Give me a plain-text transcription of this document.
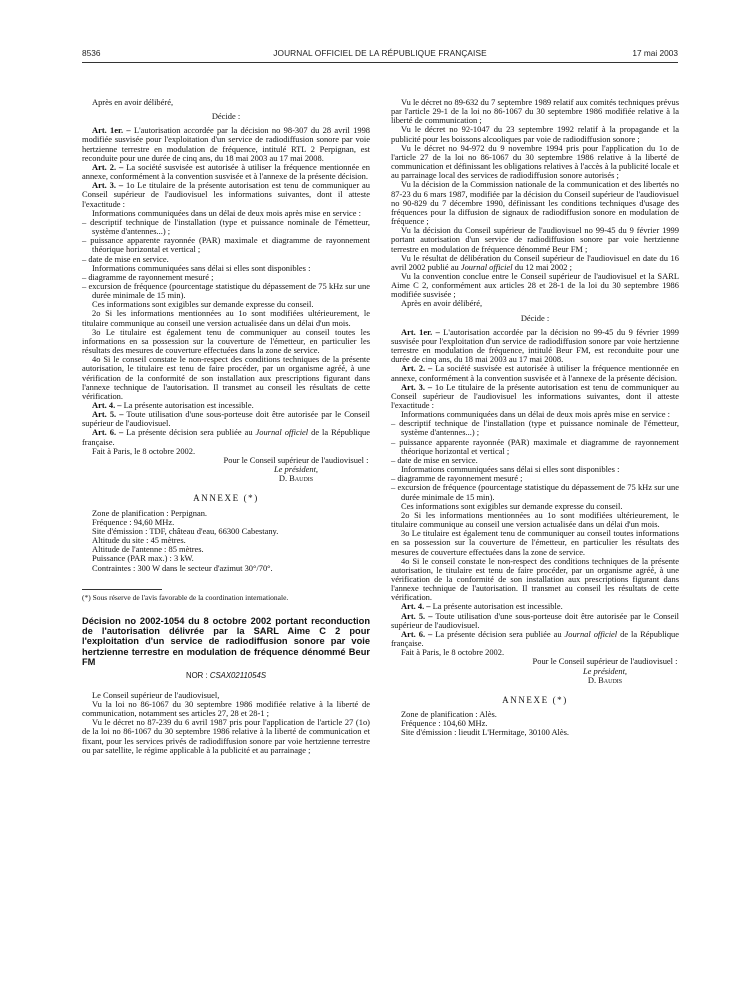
8536	JOURNAL OFFICIEL DE LA RÉPUBLIQUE FRANÇAISE	17 mai 2003

Après en avoir délibéré,

Décide :

Art. 1er. – L'autorisation accordée par la décision no 98-307 du 28 avril 1998 modifiée susvisée pour l'exploitation d'un service de radiodiffusion sonore par voie hertzienne terrestre en modulation de fréquence, intitulé RTL 2 Perpignan, est reconduite pour une durée de cinq ans, du 18 mai 2003 au 17 mai 2008.

Art. 2. – La société susvisée est autorisée à utiliser la fréquence mentionnée en annexe, conformément à la convention susvisée et à l'annexe de la présente décision.

Art. 3. – 1o Le titulaire de la présente autorisation est tenu de communiquer au Conseil supérieur de l'audiovisuel les informations suivantes, dont il atteste l'exactitude :

Informations communiquées dans un délai de deux mois après mise en service :

– descriptif technique de l'installation (type et puissance nominale de l'émetteur, système d'antennes...) ;
– puissance apparente rayonnée (PAR) maximale et diagramme de rayonnement théorique horizontal et vertical ;
– date de mise en service.

Informations communiquées sans délai si elles sont disponibles :

– diagramme de rayonnement mesuré ;
– excursion de fréquence (pourcentage statistique du dépassement de 75 kHz sur une durée minimale de 15 min).

Ces informations sont exigibles sur demande expresse du conseil.

2o Si les informations mentionnées au 1o sont modifiées ultérieurement, le titulaire communique au conseil une version actualisée dans un délai d'un mois.

3o Le titulaire est également tenu de communiquer au conseil toutes les informations en sa possession sur la couverture de l'émetteur, en particulier les résultats des mesures de couverture effectuées dans la zone de service.

4o Si le conseil constate le non-respect des conditions techniques de la présente autorisation, le titulaire est tenu de faire procéder, par un organisme agréé, à une vérification de la conformité de son installation aux prescriptions figurant dans l'annexe technique de l'autorisation. Il transmet au conseil les résultats de cette vérification.

Art. 4. – La présente autorisation est incessible.

Art. 5. – Toute utilisation d'une sous-porteuse doit être autorisée par le Conseil supérieur de l'audiovisuel.

Art. 6. – La présente décision sera publiée au Journal officiel de la République française.

Fait à Paris, le 8 octobre 2002.

Pour le Conseil supérieur de l'audiovisuel :

Le président,

D. Baudis

ANNEXE (*)

Zone de planification : Perpignan.

Fréquence : 94,60 MHz.

Site d'émission : TDF, château d'eau, 66300 Cabestany.

Altitude du site : 45 mètres.

Altitude de l'antenne : 85 mètres.

Puissance (PAR max.) : 3 kW.

Contraintes : 300 W dans le secteur d'azimut 30°/70°.

(*) Sous réserve de l'avis favorable de la coordination internationale.

Décision no 2002-1054 du 8 octobre 2002 portant reconduction de l'autorisation délivrée par la SARL Aime C 2 pour l'exploitation d'un service de radiodiffusion sonore par voie hertzienne terrestre en modulation de fréquence dénommé Beur FM

NOR : CSAX0211054S

Le Conseil supérieur de l'audiovisuel,

Vu la loi no 86-1067 du 30 septembre 1986 modifiée relative à la liberté de communication, notamment ses articles 27, 28 et 28-1 ;

Vu le décret no 87-239 du 6 avril 1987 pris pour l'application de l'article 27 (1o) de la loi no 86-1067 du 30 septembre 1986 relative à la liberté de communication et fixant, pour les services privés de radiodiffusion sonore par voie hertzienne terrestre ou par satellite, le régime applicable à la publicité et au parrainage ;

Vu le décret no 89-632 du 7 septembre 1989 relatif aux comités techniques prévus par l'article 29-1 de la loi no 86-1067 du 30 septembre 1986 modifiée relative à la liberté de communication ;

Vu le décret no 92-1047 du 23 septembre 1992 relatif à la propagande et la publicité pour les boissons alcooliques par voie de radiodiffusion sonore ;

Vu le décret no 94-972 du 9 novembre 1994 pris pour l'application du 1o de l'article 27 de la loi no 86-1067 du 30 septembre 1986 relative à la liberté de communication et définissant les obligations relatives à l'accès à la publicité locale et au parrainage local des services de radiodiffusion sonore autorisés ;

Vu la décision de la Commission nationale de la communication et des libertés no 87-23 du 6 mars 1987, modifiée par la décision du Conseil supérieur de l'audiovisuel no 90-829 du 7 décembre 1990, définissant les conditions techniques d'usage des fréquences pour la diffusion de signaux de radiodiffusion sonore en modulation de fréquence ;

Vu la décision du Conseil supérieur de l'audiovisuel no 99-45 du 9 février 1999 portant autorisation d'un service de radiodiffusion sonore par voie hertzienne terrestre en modulation de fréquence dénommé Beur FM ;

Vu le résultat de délibération du Conseil supérieur de l'audiovisuel en date du 16 avril 2002 publié au Journal officiel du 12 mai 2002 ;

Vu la convention conclue entre le Conseil supérieur de l'audiovisuel et la SARL Aime C 2, conformément aux articles 28 et 28-1 de la loi du 30 septembre 1986 modifiée susvisée ;

Après en avoir délibéré,

Décide :

Art. 1er. – L'autorisation accordée par la décision no 99-45 du 9 février 1999 susvisée pour l'exploitation d'un service de radiodiffusion sonore par voie hertzienne terrestre en modulation de fréquence, intitulé Beur FM, est reconduite pour une durée de cinq ans, du 18 mai 2003 au 17 mai 2008.

Art. 2. – La société susvisée est autorisée à utiliser la fréquence mentionnée en annexe, conformément à la convention susvisée et à l'annexe de la présente décision.

Art. 3. – 1o Le titulaire de la présente autorisation est tenu de communiquer au Conseil supérieur de l'audiovisuel les informations suivantes, dont il atteste l'exactitude :

Informations communiquées dans un délai de deux mois après mise en service :

– descriptif technique de l'installation (type et puissance nominale de l'émetteur, système d'antennes...) ;
– puissance apparente rayonnée (PAR) maximale et diagramme de rayonnement théorique horizontal et vertical ;
– date de mise en service.

Informations communiquées sans délai si elles sont disponibles :

– diagramme de rayonnement mesuré ;
– excursion de fréquence (pourcentage statistique du dépassement de 75 kHz sur une durée minimale de 15 min).

Ces informations sont exigibles sur demande expresse du conseil.

2o Si les informations mentionnées au 1o sont modifiées ultérieurement, le titulaire communique au conseil une version actualisée dans un délai d'un mois.

3o Le titulaire est également tenu de communiquer au conseil toutes informations en sa possession sur la couverture de l'émetteur, en particulier les résultats des mesures de couverture effectuées dans la zone de service.

4o Si le conseil constate le non-respect des conditions techniques de la présente autorisation, le titulaire est tenu de faire procéder, par un organisme agréé, à une vérification de la conformité de son installation aux prescriptions figurant dans l'annexe technique de l'autorisation. Il transmet au conseil les résultats de cette vérification.

Art. 4. – La présente autorisation est incessible.

Art. 5. – Toute utilisation d'une sous-porteuse doit être autorisée par le Conseil supérieur de l'audiovisuel.

Art. 6. – La présente décision sera publiée au Journal officiel de la République française.

Fait à Paris, le 8 octobre 2002.

Pour le Conseil supérieur de l'audiovisuel :

Le président,

D. Baudis

ANNEXE (*)

Zone de planification : Alès.

Fréquence : 104,60 MHz.

Site d'émission : lieudit L'Hermitage, 30100 Alès.
